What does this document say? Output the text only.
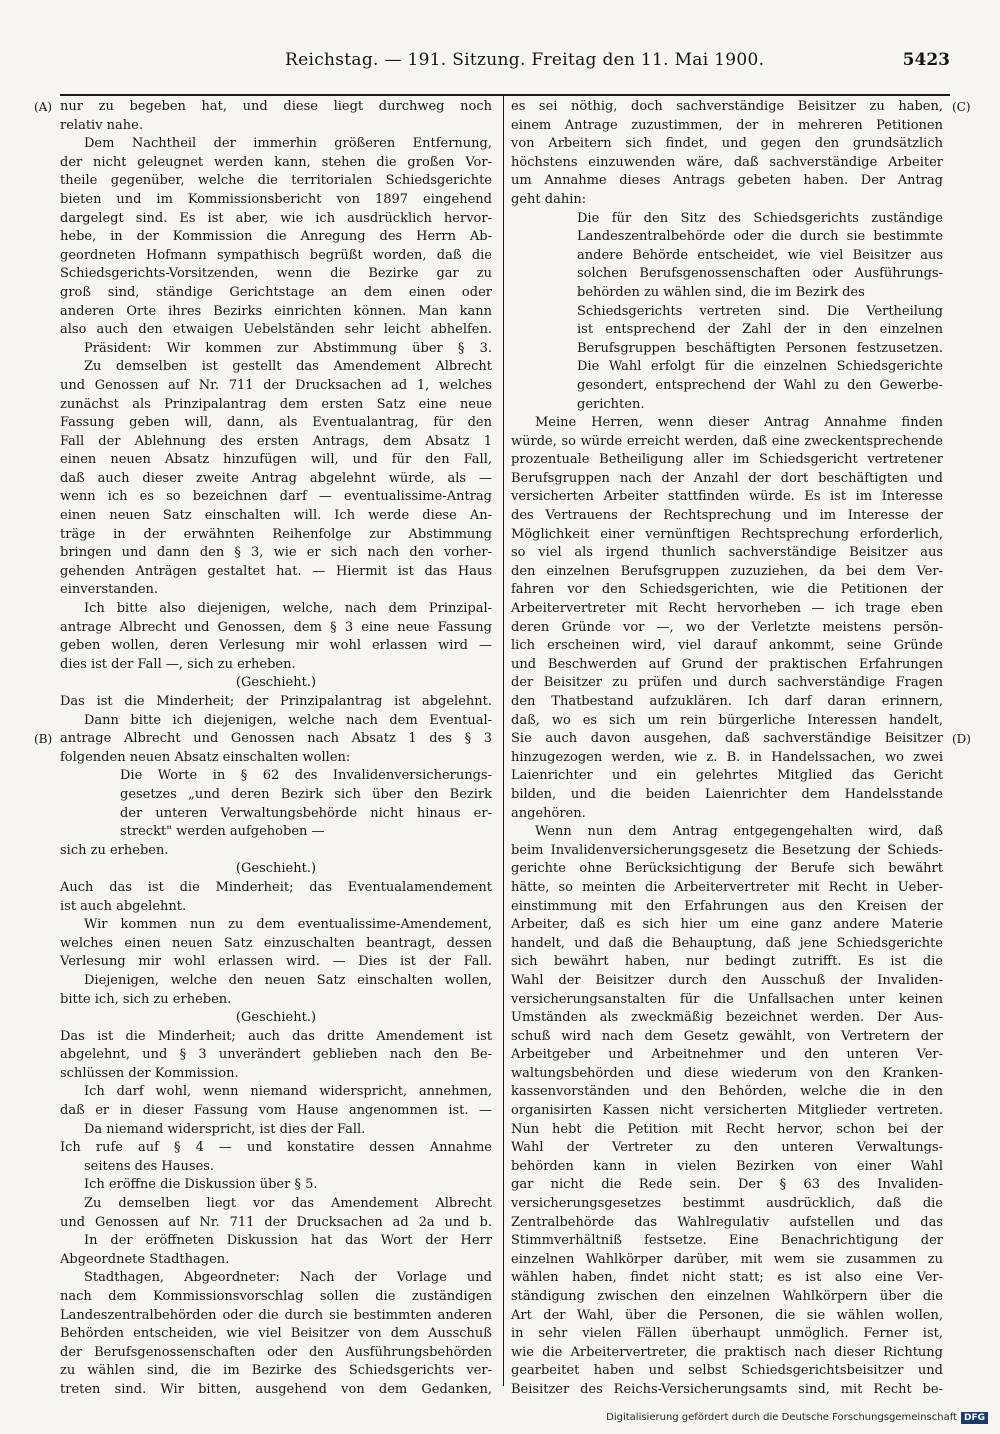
Reichstag. — 191. Sitzung. Freitag den 11. Mai 1900.	5423
(A)
(B)
(C)
(D)

nur zu begeben hat, und diese liegt durchweg noch

relativ nahe.

Dem Nachtheil der immerhin größeren Entfernung,

der nicht geleugnet werden kann, stehen die großen Vor-

theile gegenüber, welche die territorialen Schiedsgerichte

bieten und im Kommissionsbericht von 1897 eingehend

dargelegt sind. Es ist aber, wie ich ausdrücklich hervor-

hebe, in der Kommission die Anregung des Herrn Ab-

geordneten Hofmann sympathisch begrüßt worden, daß die

Schiedsgerichts-Vorsitzenden, wenn die Bezirke gar zu

groß sind, ständige Gerichtstage an dem einen oder

anderen Orte ihres Bezirks einrichten können. Man kann

also auch den etwaigen Uebelständen sehr leicht abhelfen.

Präsident: Wir kommen zur Abstimmung über § 3.

Zu demselben ist gestellt das Amendement Albrecht

und Genossen auf Nr. 711 der Drucksachen ad 1, welches

zunächst als Prinzipalantrag dem ersten Satz eine neue

Fassung geben will, dann, als Eventualantrag, für den

Fall der Ablehnung des ersten Antrags, dem Absatz 1

einen neuen Absatz hinzufügen will, und für den Fall,

daß auch dieser zweite Antrag abgelehnt würde, als —

wenn ich es so bezeichnen darf — eventualissime-Antrag

einen neuen Satz einschalten will. Ich werde diese An-

träge in der erwähnten Reihenfolge zur Abstimmung

bringen und dann den § 3, wie er sich nach den vorher-

gehenden Anträgen gestaltet hat. — Hiermit ist das Haus

einverstanden.

Ich bitte also diejenigen, welche, nach dem Prinzipal-

antrage Albrecht und Genossen, dem § 3 eine neue Fassung

geben wollen, deren Verlesung mir wohl erlassen wird —

dies ist der Fall —, sich zu erheben.

(Geschieht.)

Das ist die Minderheit; der Prinzipalantrag ist abgelehnt.

Dann bitte ich diejenigen, welche nach dem Eventual-

antrage Albrecht und Genossen nach Absatz 1 des § 3

folgenden neuen Absatz einschalten wollen:

Die Worte in § 62 des Invalidenversicherungs-

gesetzes „und deren Bezirk sich über den Bezirk

der unteren Verwaltungsbehörde nicht hinaus er-

streckt" werden aufgehoben —

sich zu erheben.

(Geschieht.)

Auch das ist die Minderheit; das Eventualamendement

ist auch abgelehnt.

Wir kommen nun zu dem eventualissime-Amendement,

welches einen neuen Satz einzuschalten beantragt, dessen

Verlesung mir wohl erlassen wird. — Dies ist der Fall.

Diejenigen, welche den neuen Satz einschalten wollen,

bitte ich, sich zu erheben.

(Geschieht.)

Das ist die Minderheit; auch das dritte Amendement ist

abgelehnt, und § 3 unverändert geblieben nach den Be-

schlüssen der Kommission.

Ich darf wohl, wenn niemand widerspricht, annehmen,

daß er in dieser Fassung vom Hause angenommen ist. —

Da niemand widerspricht, ist dies der Fall.

Ich rufe auf § 4 — und konstatire dessen Annahme

seitens des Hauses.

Ich eröffne die Diskussion über § 5.

Zu demselben liegt vor das Amendement Albrecht

und Genossen auf Nr. 711 der Drucksachen ad 2a und b.

In der eröffneten Diskussion hat das Wort der Herr

Abgeordnete Stadthagen.

Stadthagen, Abgeordneter: Nach der Vorlage und

nach dem Kommissionsvorschlag sollen die zuständigen

Landeszentralbehörden oder die durch sie bestimmten anderen

Behörden entscheiden, wie viel Beisitzer von dem Ausschuß

der Berufsgenossenschaften oder den Ausführungsbehörden

zu wählen sind, die im Bezirke des Schiedsgerichts ver-

treten sind. Wir bitten, ausgehend von dem Gedanken,

es sei nöthig, doch sachverständige Beisitzer zu haben,

einem Antrage zuzustimmen, der in mehreren Petitionen

von Arbeitern sich findet, und gegen den grundsätzlich

höchstens einzuwenden wäre, daß sachverständige Arbeiter

um Annahme dieses Antrags gebeten haben. Der Antrag

geht dahin:

Die für den Sitz des Schiedsgerichts zuständige

Landeszentralbehörde oder die durch sie bestimmte

andere Behörde entscheidet, wie viel Beisitzer aus

solchen Berufsgenossenschaften oder Ausführungs-

behörden zu wählen sind, die im Bezirk des

Schiedsgerichts vertreten sind. Die Vertheilung

ist entsprechend der Zahl der in den einzelnen

Berufsgruppen beschäftigten Personen festzusetzen.

Die Wahl erfolgt für die einzelnen Schiedsgerichte

gesondert, entsprechend der Wahl zu den Gewerbe-

gerichten.

Meine Herren, wenn dieser Antrag Annahme finden

würde, so würde erreicht werden, daß eine zweckentsprechende

prozentuale Betheiligung aller im Schiedsgericht vertretener

Berufsgruppen nach der Anzahl der dort beschäftigten und

versicherten Arbeiter stattfinden würde. Es ist im Interesse

des Vertrauens der Rechtsprechung und im Interesse der

Möglichkeit einer vernünftigen Rechtsprechung erforderlich,

so viel als irgend thunlich sachverständige Beisitzer aus

den einzelnen Berufsgruppen zuzuziehen, da bei dem Ver-

fahren vor den Schiedsgerichten, wie die Petitionen der

Arbeitervertreter mit Recht hervorheben — ich trage eben

deren Gründe vor —, wo der Verletzte meistens persön-

lich erscheinen wird, viel darauf ankommt, seine Gründe

und Beschwerden auf Grund der praktischen Erfahrungen

der Beisitzer zu prüfen und durch sachverständige Fragen

den Thatbestand aufzuklären. Ich darf daran erinnern,

daß, wo es sich um rein bürgerliche Interessen handelt,

Sie auch davon ausgehen, daß sachverständige Beisitzer

hinzugezogen werden, wie z. B. in Handelssachen, wo zwei

Laienrichter und ein gelehrtes Mitglied das Gericht

bilden, und die beiden Laienrichter dem Handelsstande

angehören.

Wenn nun dem Antrag entgegengehalten wird, daß

beim Invalidenversicherungsgesetz die Besetzung der Schieds-

gerichte ohne Berücksichtigung der Berufe sich bewährt

hätte, so meinten die Arbeitervertreter mit Recht in Ueber-

einstimmung mit den Erfahrungen aus den Kreisen der

Arbeiter, daß es sich hier um eine ganz andere Materie

handelt, und daß die Behauptung, daß jene Schiedsgerichte

sich bewährt haben, nur bedingt zutrifft. Es ist die

Wahl der Beisitzer durch den Ausschuß der Invaliden-

versicherungsanstalten für die Unfallsachen unter keinen

Umständen als zweckmäßig bezeichnet werden. Der Aus-

schuß wird nach dem Gesetz gewählt, von Vertretern der

Arbeitgeber und Arbeitnehmer und den unteren Ver-

waltungsbehörden und diese wiederum von den Kranken-

kassenvorständen und den Behörden, welche die in den

organisirten Kassen nicht versicherten Mitglieder vertreten.

Nun hebt die Petition mit Recht hervor, schon bei der

Wahl der Vertreter zu den unteren Verwaltungs-

behörden kann in vielen Bezirken von einer Wahl

gar nicht die Rede sein. Der § 63 des Invaliden-

versicherungsgesetzes bestimmt ausdrücklich, daß die

Zentralbehörde das Wahlregulativ aufstellen und das

Stimmverhältniß festsetze. Eine Benachrichtigung der

einzelnen Wahlkörper darüber, mit wem sie zusammen zu

wählen haben, findet nicht statt; es ist also eine Ver-

ständigung zwischen den einzelnen Wahlkörpern über die

Art der Wahl, über die Personen, die sie wählen wollen,

in sehr vielen Fällen überhaupt unmöglich. Ferner ist,

wie die Arbeitervertreter, die praktisch nach dieser Richtung

gearbeitet haben und selbst Schiedsgerichtsbeisitzer und

Beisitzer des Reichs-Versicherungsamts sind, mit Recht be-

Digitalisierung gefördert durch die Deutsche Forschungsgemeinschaft DFG
